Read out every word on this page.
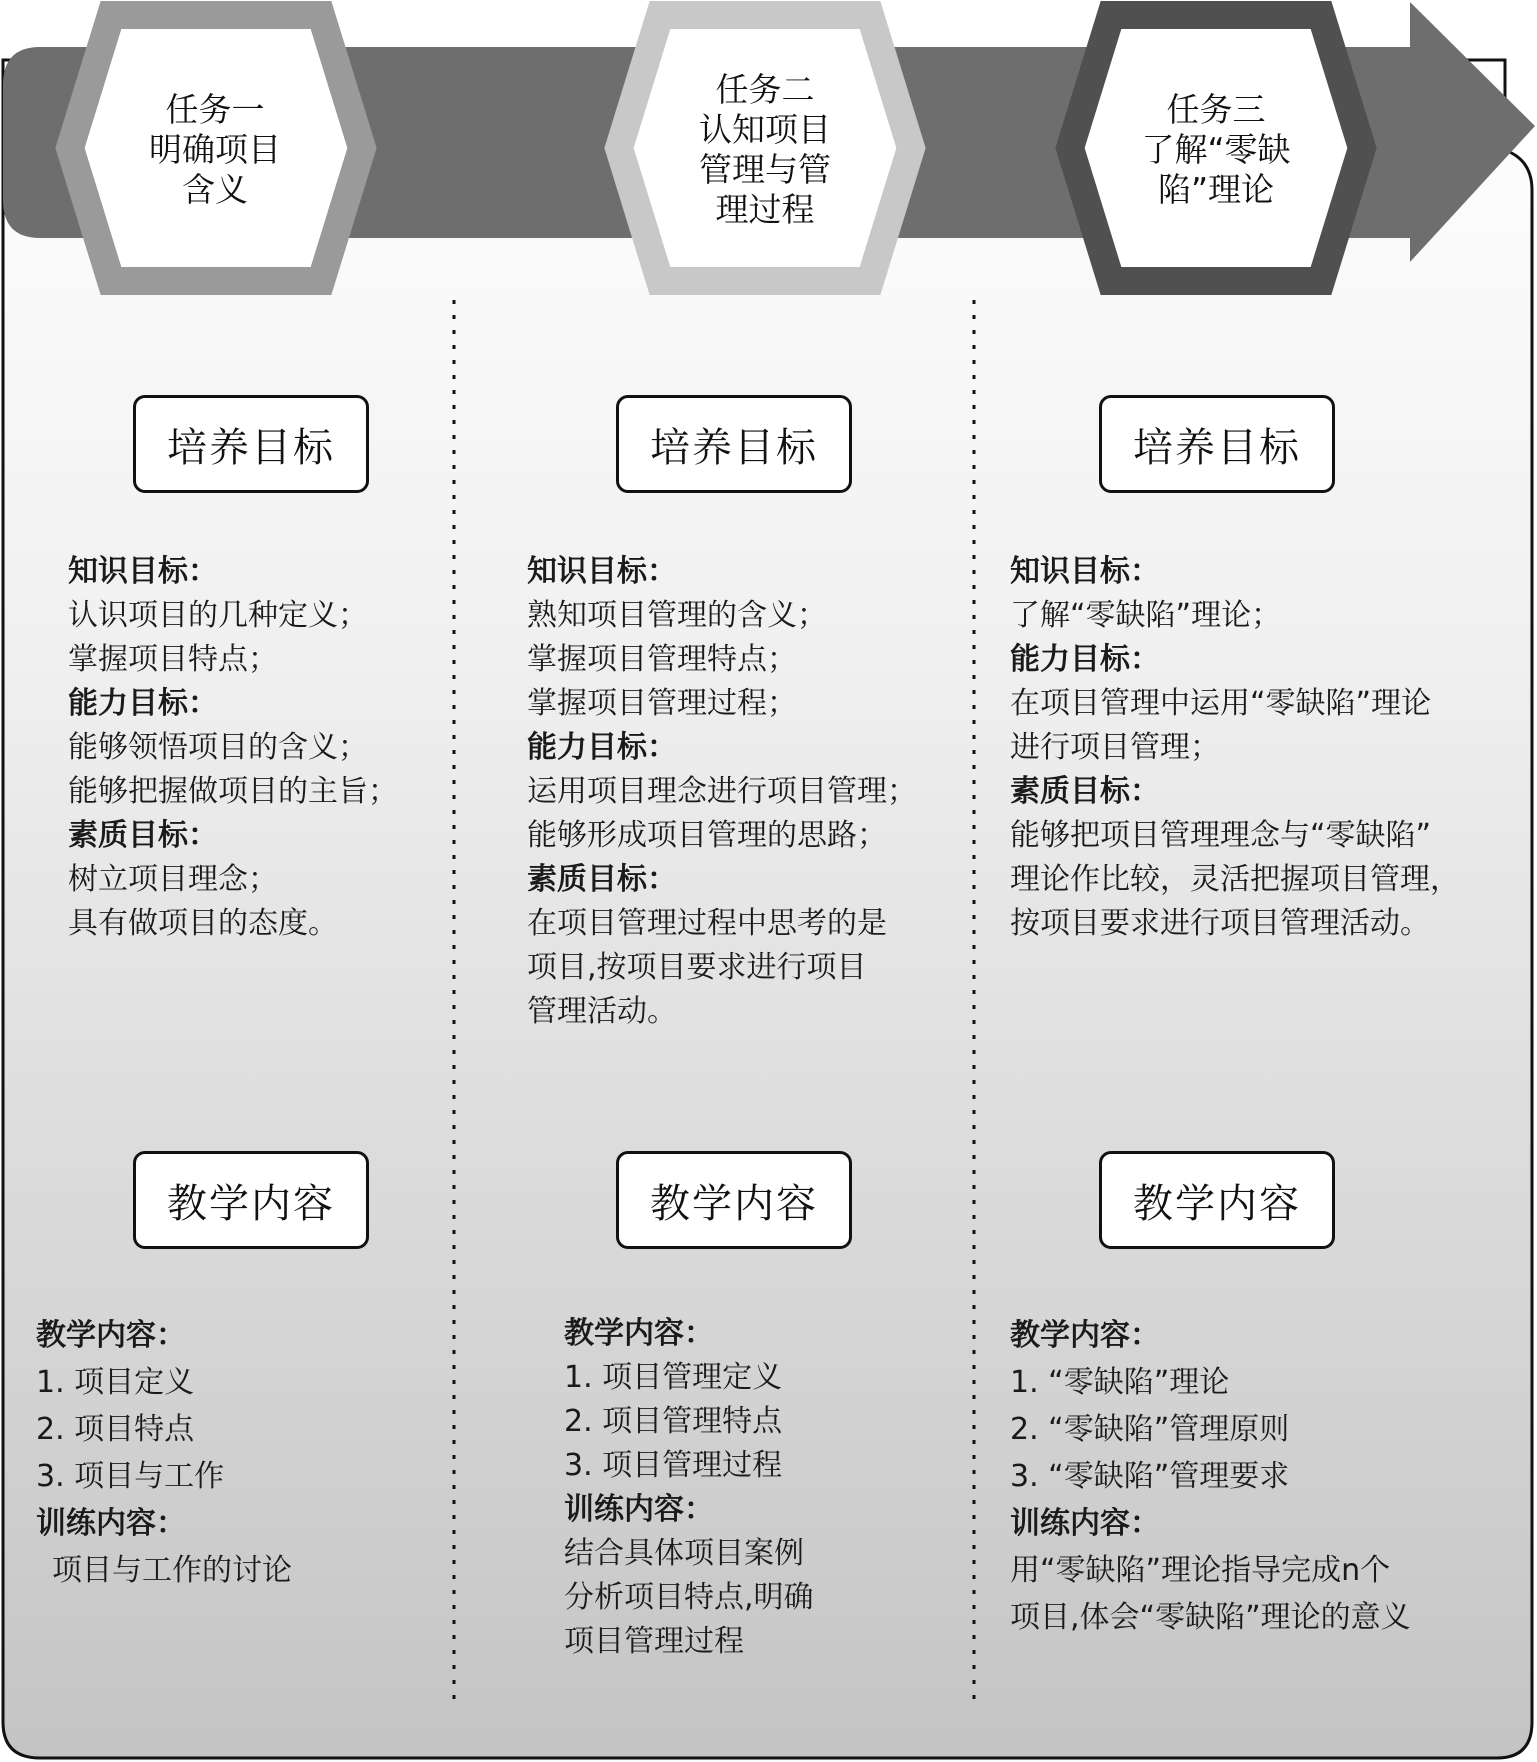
任务一
明确项目
含义
任务二
认知项目
管理与管
理过程
任务三
了解“零缺
陷”理论
培养目标	培养目标	培养目标
知识目标：
认识项目的几种定义；
掌握项目特点；
能力目标：
能够领悟项目的含义；
能够把握做项目的主旨；
素质目标：
树立项目理念；
具有做项目的态度。
知识目标：
熟知项目管理的含义；
掌握项目管理特点；
掌握项目管理过程；
能力目标：
运用项目理念进行项目管理；
能够形成项目管理的思路；
素质目标：
在项目管理过程中思考的是
项目,按项目要求进行项目
管理活动。
知识目标：
了解“零缺陷”理论；
能力目标：
在项目管理中运用“零缺陷”理论
进行项目管理；
素质目标：
能够把项目管理理念与“零缺陷”
理论作比较，灵活把握项目管理，
按项目要求进行项目管理活动。
教学内容	教学内容	教学内容
教学内容：
1. 项目定义
2. 项目特点
3. 项目与工作
训练内容：
项目与工作的讨论
教学内容：
1. 项目管理定义
2. 项目管理特点
3. 项目管理过程
训练内容：
结合具体项目案例
分析项目特点,明确
项目管理过程
教学内容：
1. “零缺陷”理论
2. “零缺陷”管理原则
3. “零缺陷”管理要求
训练内容：
用“零缺陷”理论指导完成n个
项目,体会“零缺陷”理论的意义
